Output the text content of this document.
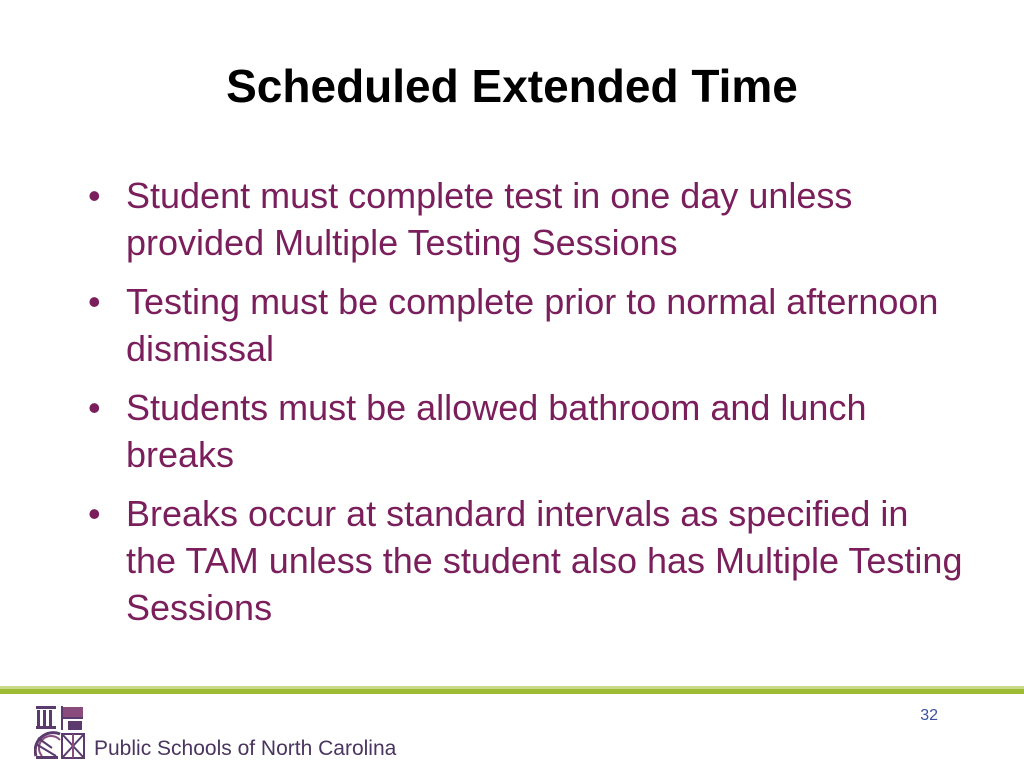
Scheduled Extended Time
• Student must complete test in one day unless provided Multiple Testing Sessions
• Testing must be complete prior to normal afternoon dismissal
• Students must be allowed bathroom and lunch breaks
• Breaks occur at standard intervals as specified in the TAM unless the student also has Multiple Testing Sessions
Public Schools of North Carolina
32
